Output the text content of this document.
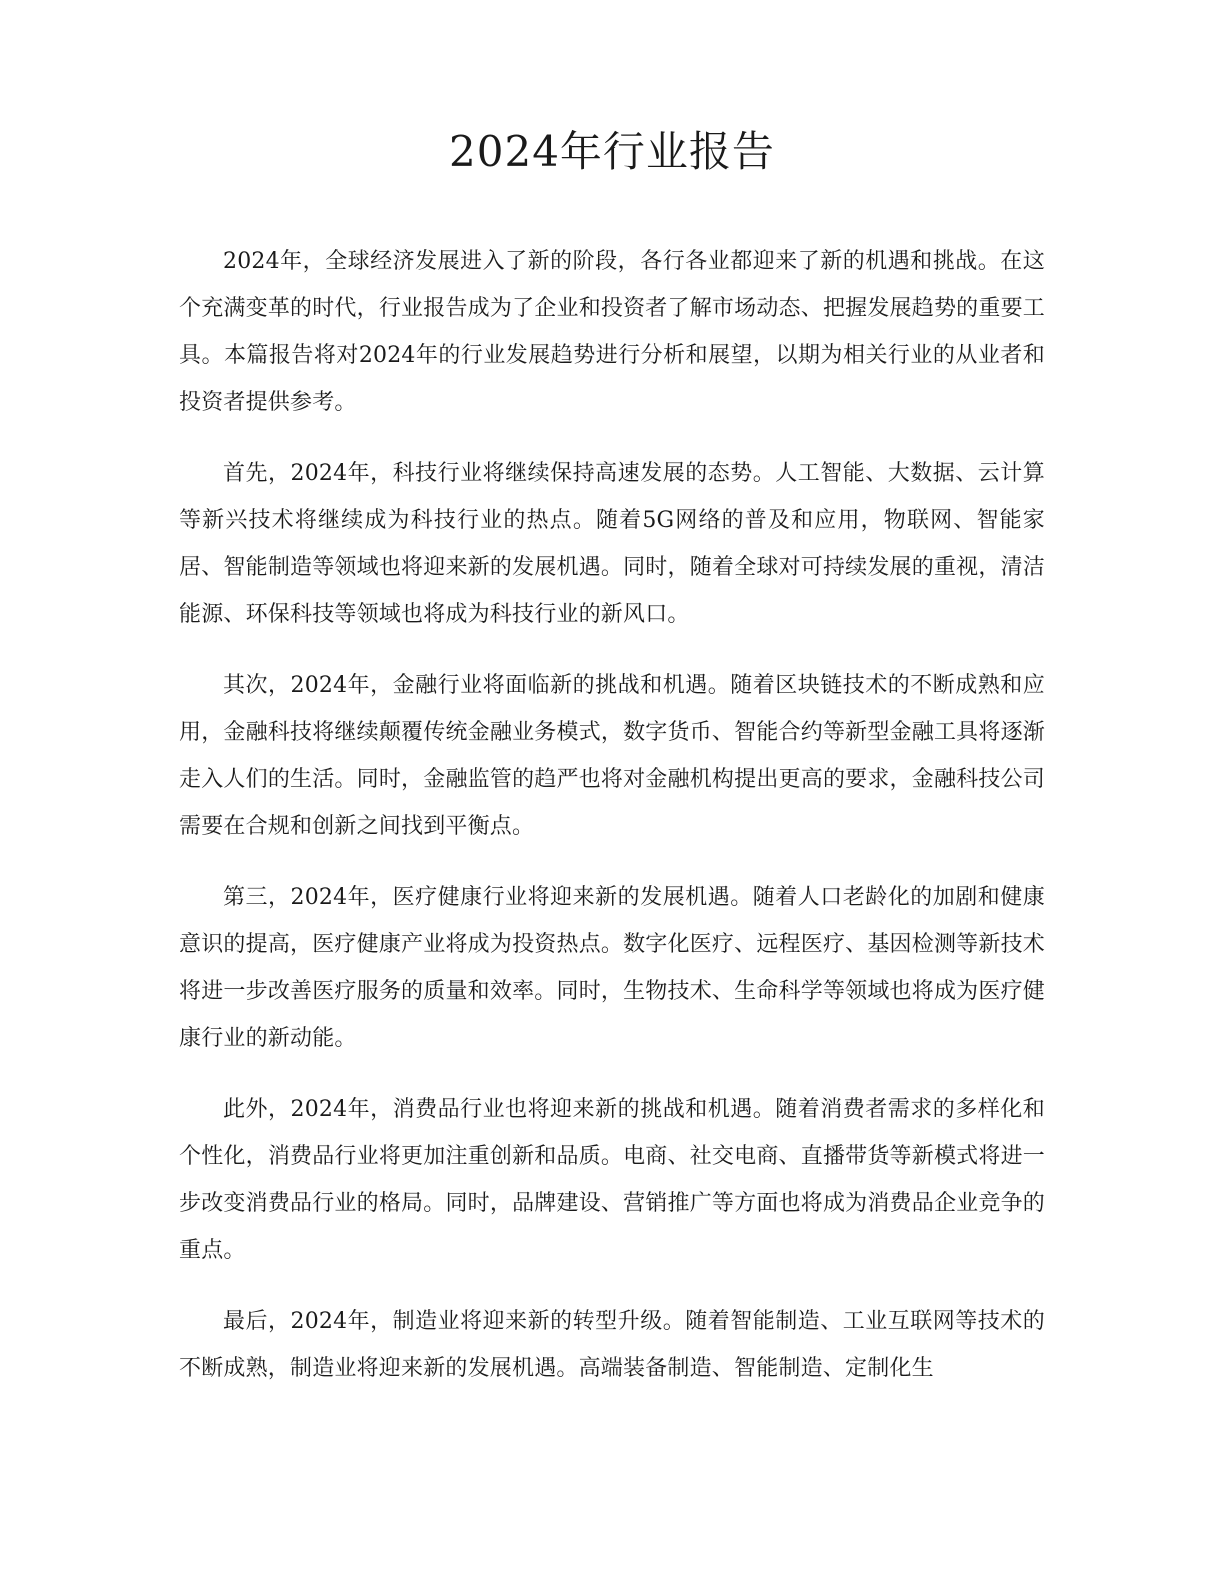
2024年行业报告

2024年，全球经济发展进入了新的阶段，各行各业都迎来了新的机遇和挑战。在这个充满变革的时代，行业报告成为了企业和投资者了解市场动态、把握发展趋势的重要工具。本篇报告将对2024年的行业发展趋势进行分析和展望，以期为相关行业的从业者和投资者提供参考。

首先，2024年，科技行业将继续保持高速发展的态势。人工智能、大数据、云计算等新兴技术将继续成为科技行业的热点。随着5G网络的普及和应用，物联网、智能家居、智能制造等领域也将迎来新的发展机遇。同时，随着全球对可持续发展的重视，清洁能源、环保科技等领域也将成为科技行业的新风口。

其次，2024年，金融行业将面临新的挑战和机遇。随着区块链技术的不断成熟和应用，金融科技将继续颠覆传统金融业务模式，数字货币、智能合约等新型金融工具将逐渐走入人们的生活。同时，金融监管的趋严也将对金融机构提出更高的要求，金融科技公司需要在合规和创新之间找到平衡点。

第三，2024年，医疗健康行业将迎来新的发展机遇。随着人口老龄化的加剧和健康意识的提高，医疗健康产业将成为投资热点。数字化医疗、远程医疗、基因检测等新技术将进一步改善医疗服务的质量和效率。同时，生物技术、生命科学等领域也将成为医疗健康行业的新动能。

此外，2024年，消费品行业也将迎来新的挑战和机遇。随着消费者需求的多样化和个性化，消费品行业将更加注重创新和品质。电商、社交电商、直播带货等新模式将进一步改变消费品行业的格局。同时，品牌建设、营销推广等方面也将成为消费品企业竞争的重点。

最后，2024年，制造业将迎来新的转型升级。随着智能制造、工业互联网等技术的不断成熟，制造业将迎来新的发展机遇。高端装备制造、智能制造、定制化生
